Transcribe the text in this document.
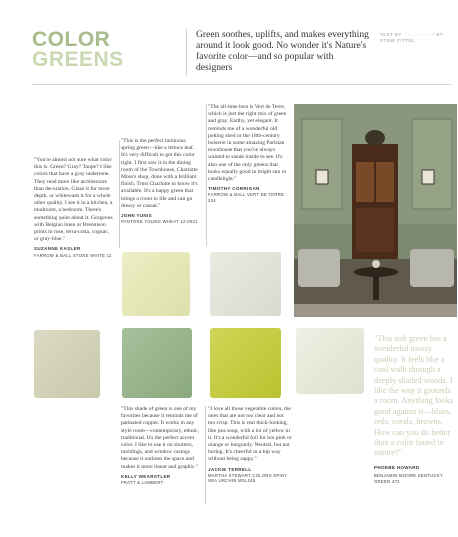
COLOR
GREENS
Green soothes, uplifts, and makes everything around it look good. No wonder it's Nature's favorite color—and so popular with designers
TEXT BY ··· · ··· · ··· / BY STINE FITTEL
"You're almost not sure what color this is. Green? Gray? Taupe? I like colors that have a gray undertone. They read more like architecture than decoration. Glaze it for more depth, or whitewash it for a whole other quality. I see it in a kitchen, a mudroom, a bedroom. There's something quiet about it. Gorgeous with Belgian linen or Brennison prints in rose, terra-cotta, cognac, or gray-blue."
SUZANNE KASLER
FARROW & BALL STONE WHITE 11
"This is the perfect luminous spring green—like a lettuce leaf. It's very difficult to get this color right. I first saw it in the dining room of the Townhouse, Charlotte Moss's shop, done with a brilliant finish. Trust Charlotte to know it's available. It's a happy green that brings a room to life and can go dressy or casual."
JOHN YUNIS
PANTONE YOUNG WHEAT 12-0521
"The all-time best is Vert de Terre, which is just the right mix of green and gray. Earthy, yet elegant. It reminds me of a wonderful old potting shed or the 18th-century boiserie in some amazing Parisian townhouse that you've always wanted to sneak inside to see. It's also one of the only greens that looks equally good in bright sun or candlelight."
TIMOTHY CORRIGAN
FARROW & BALL VERT DE TERRE 234
"This shade of green is one of my favorites because it reminds me of patinated copper. It works in any style room—contemporary, ethnic, traditional. It's the perfect accent color. I like to use it on shutters, moldings, and window casings because it outlines the space and makes it more linear and graphic."
KELLY WEARSTLER
FRATT & LAMBERT
"I love all those vegetable colors, the ones that are not too clear and not too crisp. This is real thick-looking, like pea soup, with a lot of yellow in it. It's a wonderful foil for hot pink or orange or burgundy. Neutral, but not boring. It's cheerful in a hip way without being sappy."
JACKIE TERRELL
MARTHA STEWART COLORS SPINY SEA URCHIN MSL245
"This soft green has a wonderful mossy quality. It feels like a cool walk through a deeply shaded woods. I like the way it grounds a room. Anything looks good against it—blues, reds, corals, browns. How can you do better than a color found in nature?"
PHOEBE HOWARD
BENJAMIN MOORE KENTUCKY GREEN 472
